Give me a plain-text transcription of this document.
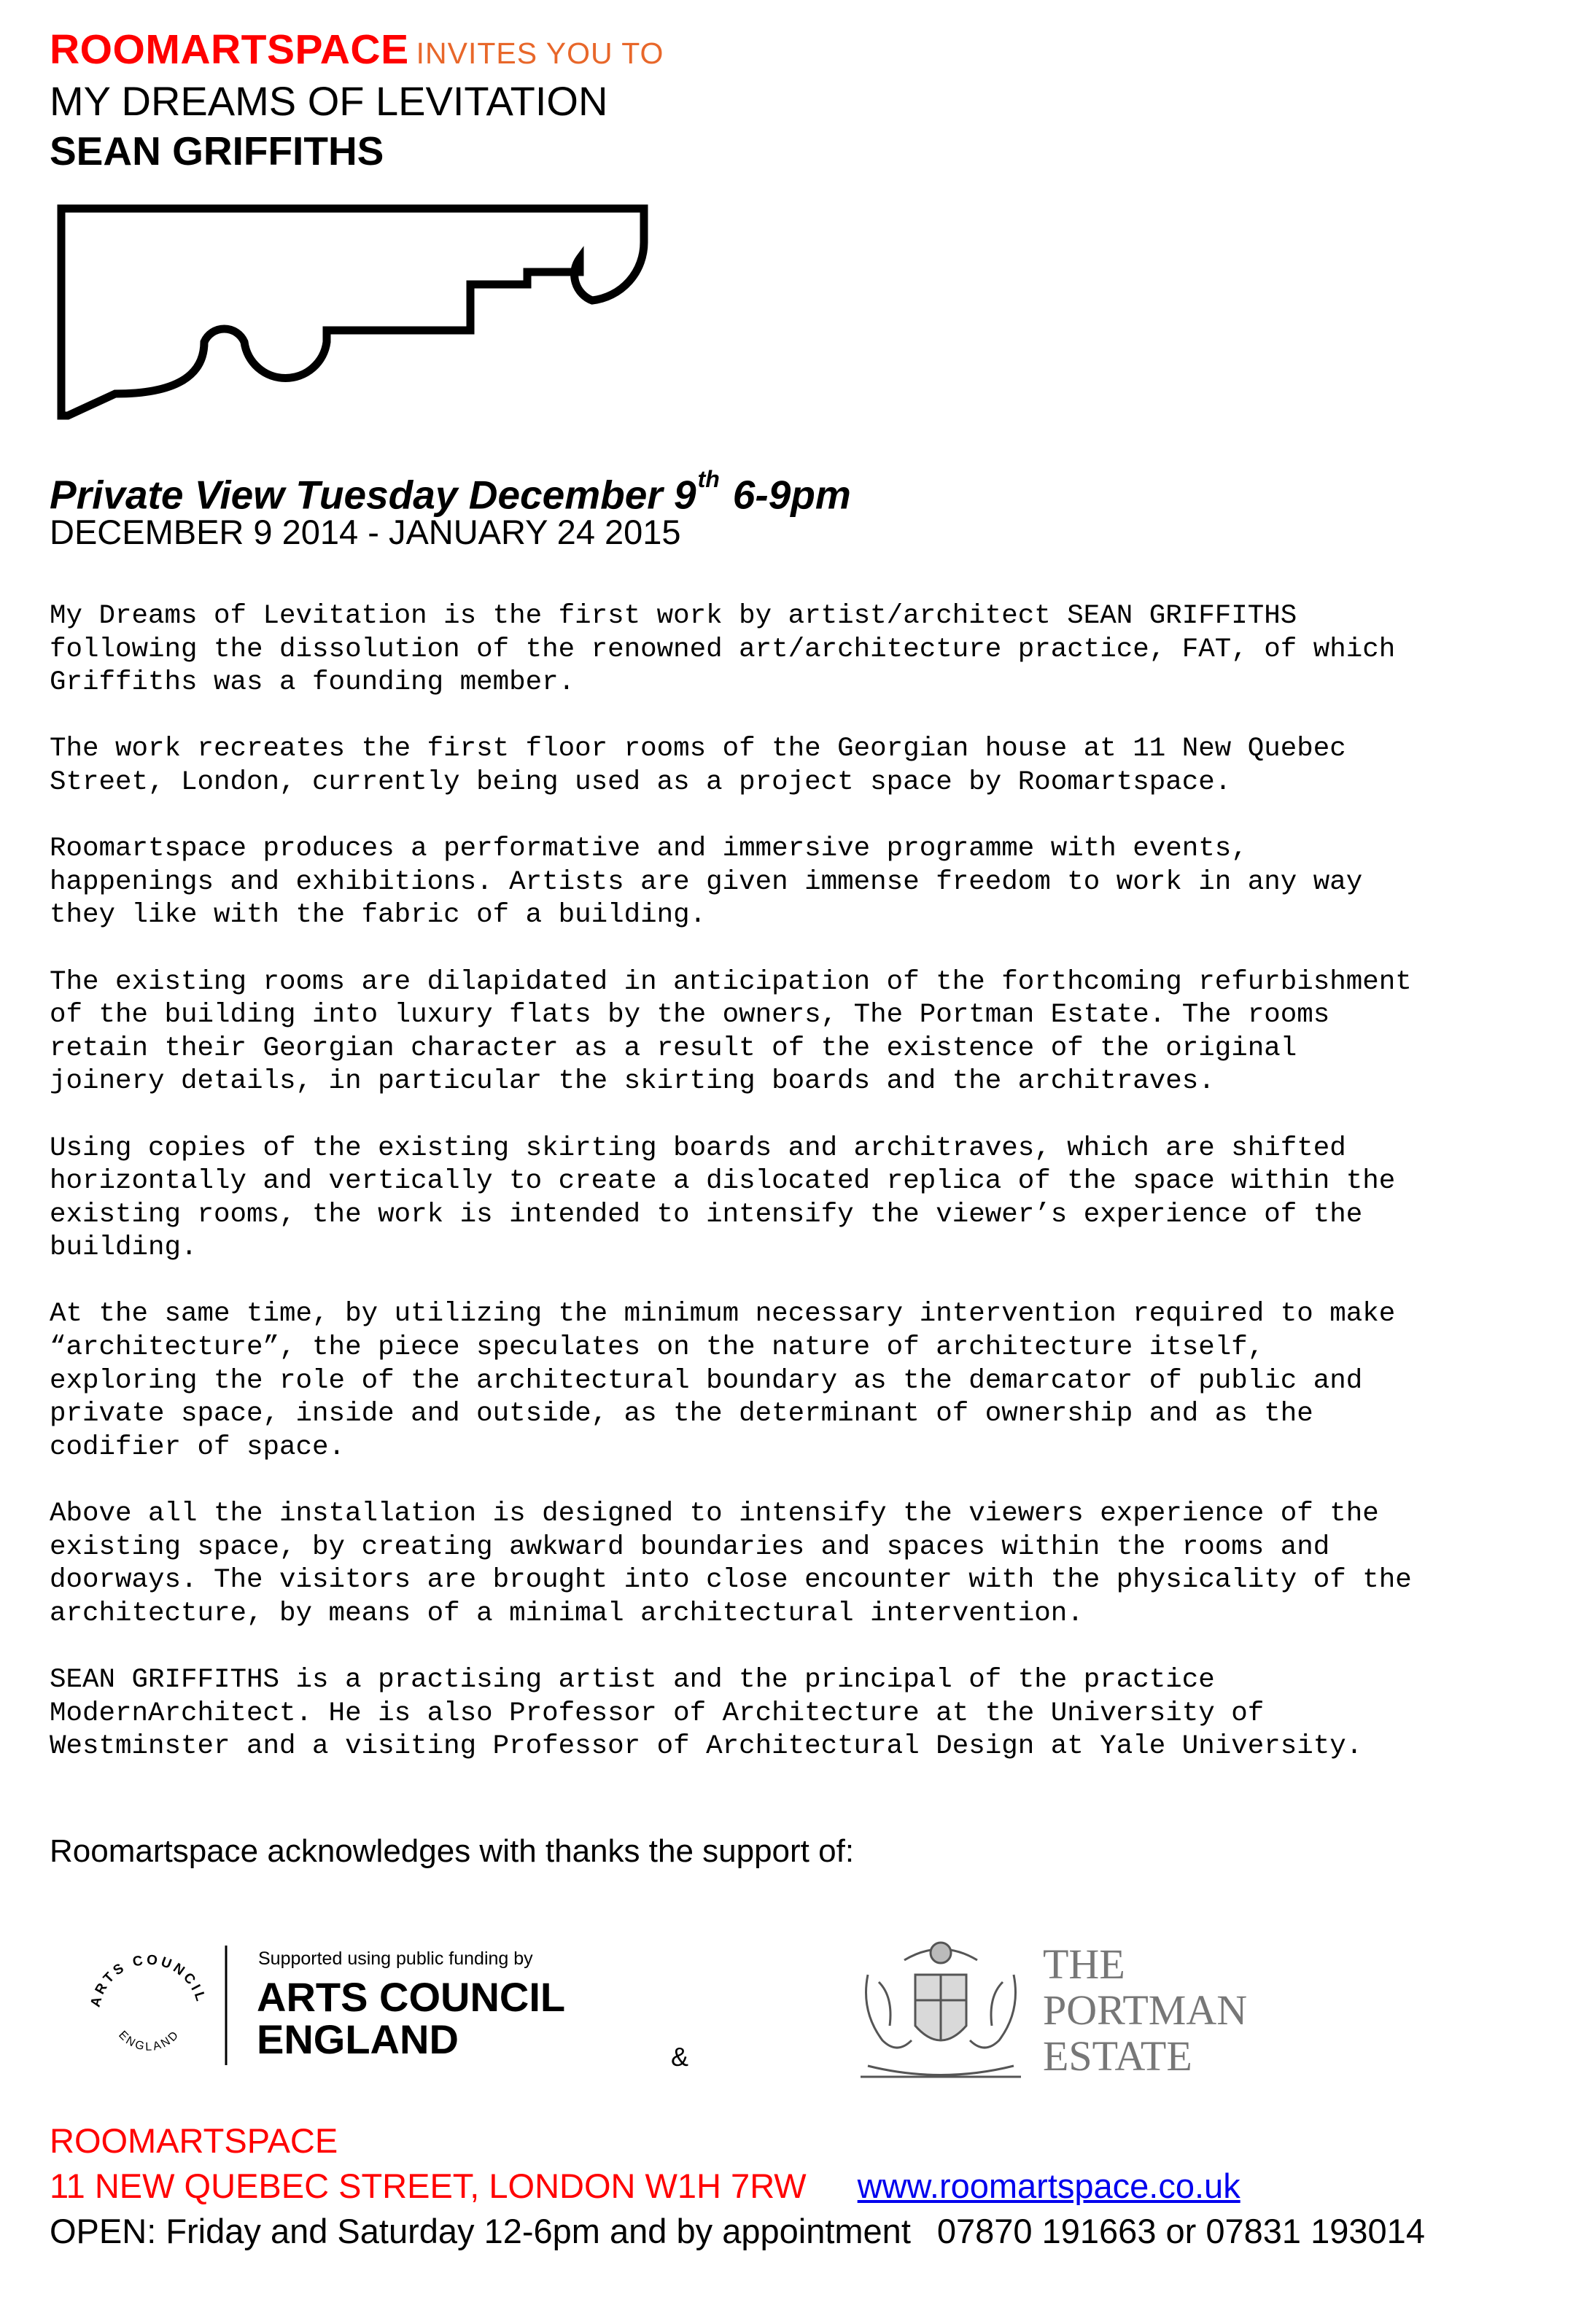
ROOMARTSPACE INVITES YOU TO
MY DREAMS OF LEVITATION
SEAN GRIFFITHS
Private View Tuesday December 9th 6-9pm
DECEMBER 9 2014 - JANUARY 24 2015
My Dreams of Levitation is the first work by artist/architect SEAN GRIFFITHS
following the dissolution of the renowned art/architecture practice, FAT, of which
Griffiths was a founding member.
The work recreates the first floor rooms of the Georgian house at 11 New Quebec
Street, London, currently being used as a project space by Roomartspace.
Roomartspace produces a performative and immersive programme with events,
happenings and exhibitions. Artists are given immense freedom to work in any way
they like with the fabric of a building.
The existing rooms are dilapidated in anticipation of the forthcoming refurbishment
of the building into luxury flats by the owners, The Portman Estate. The rooms
retain their Georgian character as a result of the existence of the original
joinery details, in particular the skirting boards and the architraves.
Using copies of the existing skirting boards and architraves, which are shifted
horizontally and vertically to create a dislocated replica of the space within the
existing rooms, the work is intended to intensify the viewer’s experience of the
building.
At the same time, by utilizing the minimum necessary intervention required to make
“architecture”, the piece speculates on the nature of architecture itself,
exploring the role of the architectural boundary as the demarcator of public and
private space, inside and outside, as the determinant of ownership and as the
codifier of space.
Above all the installation is designed to intensify the viewers experience of the
existing space, by creating awkward boundaries and spaces within the rooms and
doorways. The visitors are brought into close encounter with the physicality of the
architecture, by means of a minimal architectural intervention.
SEAN GRIFFITHS is a practising artist and the principal of the practice
ModernArchitect. He is also Professor of Architecture at the University of
Westminster and a visiting Professor of Architectural Design at Yale University.
Roomartspace acknowledges with thanks the support of:
ARTS COUNCIL
ENGLAND
Supported using public funding by
ARTS COUNCIL
ENGLAND	&
THE
PORTMAN
ESTATE
ROOMARTSPACE
11 NEW QUEBEC STREET, LONDON W1H 7RW www.roomartspace.co.uk
OPEN: Friday and Saturday 12-6pm and by appointment 07870 191663 or 07831 193014
